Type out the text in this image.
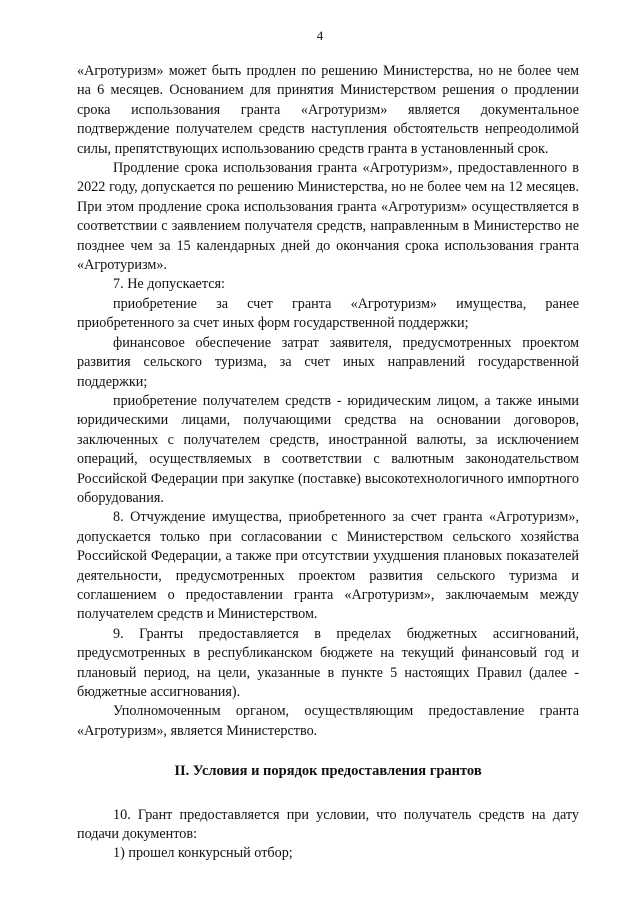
4

«Агротуризм» может быть продлен по решению Министерства, но не более чем на 6 месяцев. Основанием для принятия Министерством решения о продлении срока использования гранта «Агротуризм» является документальное подтверждение получателем средств наступления обстоятельств непреодолимой силы, препятствующих использованию средств гранта в установленный срок.

Продление срока использования гранта «Агротуризм», предоставленного в 2022 году, допускается по решению Министерства, но не более чем на 12 месяцев. При этом продление срока использования гранта «Агротуризм» осуществляется в соответствии с заявлением получателя средств, направленным в Министерство не позднее чем за 15 календарных дней до окончания срока использования гранта «Агротуризм».

7. Не допускается:

приобретение за счет гранта «Агротуризм» имущества, ранее приобретенного за счет иных форм государственной поддержки;

финансовое обеспечение затрат заявителя, предусмотренных проектом развития сельского туризма, за счет иных направлений государственной поддержки;

приобретение получателем средств - юридическим лицом, а также иными юридическими лицами, получающими средства на основании договоров, заключенных с получателем средств, иностранной валюты, за исключением операций, осуществляемых в соответствии с валютным законодательством Российской Федерации при закупке (поставке) высокотехнологичного импортного оборудования.

8. Отчуждение имущества, приобретенного за счет гранта «Агротуризм», допускается только при согласовании с Министерством сельского хозяйства Российской Федерации, а также при отсутствии ухудшения плановых показателей деятельности, предусмотренных проектом развития сельского туризма и соглашением о предоставлении гранта «Агротуризм», заключаемым между получателем средств и Министерством.

9. Гранты предоставляется в пределах бюджетных ассигнований, предусмотренных в республиканском бюджете на текущий финансовый год и плановый период, на цели, указанные в пункте 5 настоящих Правил (далее - бюджетные ассигнования).

Уполномоченным органом, осуществляющим предоставление гранта «Агротуризм», является Министерство.

II. Условия и порядок предоставления грантов

10. Грант предоставляется при условии, что получатель средств на дату подачи документов:

1) прошел конкурсный отбор;
